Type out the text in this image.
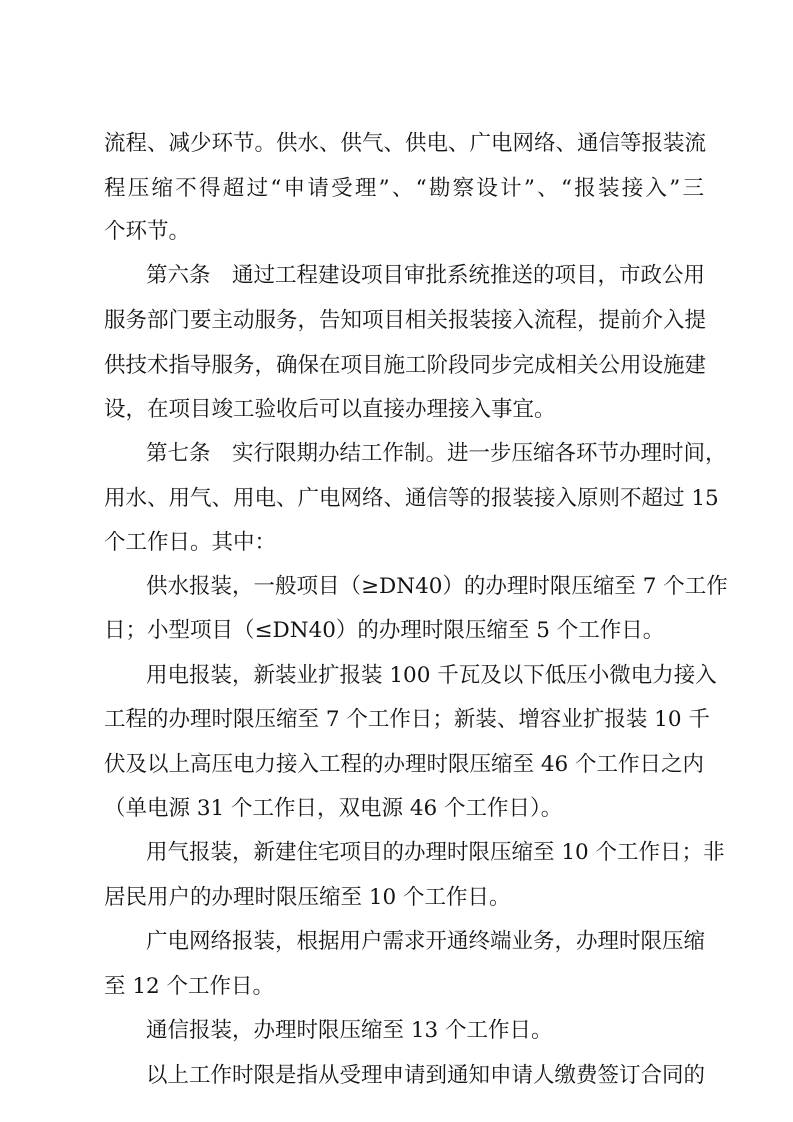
流程、减少环节。供水、供气、供电、广电网络、通信等报装流
程压缩不得超过“申请受理”、“勘察设计”、“报装接入”三
个环节。
第六条　通过工程建设项目审批系统推送的项目，市政公用
服务部门要主动服务，告知项目相关报装接入流程，提前介入提
供技术指导服务，确保在项目施工阶段同步完成相关公用设施建
设，在项目竣工验收后可以直接办理接入事宜。
第七条　实行限期办结工作制。进一步压缩各环节办理时间，
用水、用气、用电、广电网络、通信等的报装接入原则不超过 15
个工作日。其中：
供水报装，一般项目（≥DN40）的办理时限压缩至 7 个工作
日；小型项目（≤DN40）的办理时限压缩至 5 个工作日。
用电报装，新装业扩报装 100 千瓦及以下低压小微电力接入
工程的办理时限压缩至 7 个工作日；新装、增容业扩报装 10 千
伏及以上高压电力接入工程的办理时限压缩至 46 个工作日之内
（单电源 31 个工作日，双电源 46 个工作日）。
用气报装，新建住宅项目的办理时限压缩至 10 个工作日；非
居民用户的办理时限压缩至 10 个工作日。
广电网络报装，根据用户需求开通终端业务，办理时限压缩
至 12 个工作日。
通信报装，办理时限压缩至 13 个工作日。
以上工作时限是指从受理申请到通知申请人缴费签订合同的
